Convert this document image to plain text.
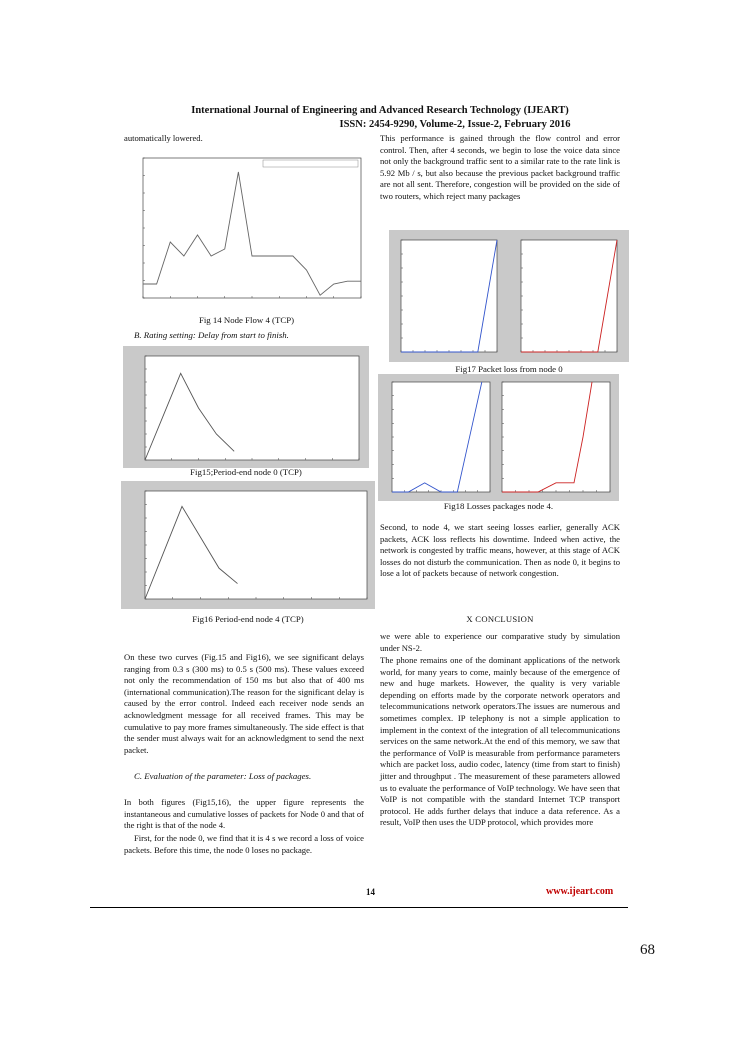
International Journal of Engineering and Advanced Research Technology (IJEART)
ISSN: 2454-9290, Volume-2, Issue-2, February 2016
automatically lowered.
Fig 14 Node Flow 4 (TCP)
B. Rating setting: Delay from start to finish.
Fig15;Period-end node 0 (TCP)
Fig16 Period-end node 4 (TCP)
On these two curves (Fig.15 and Fig16), we see significant delays ranging from 0.3 s (300 ms) to 0.5 s (500 ms). These values exceed not only the recommendation of 150 ms but also that of 400 ms (international communication).The reason for the significant delay is caused by the error control. Indeed each receiver node sends an acknowledgment message for all received frames. This may be cumulative to pay more frames simultaneously. The side effect is that the sender must always wait for an acknowledgment to send the next packet.
C. Evaluation of the parameter: Loss of packages.
In both figures (Fig15,16), the upper figure represents the instantaneous and cumulative losses of packets for Node 0 and that of the right is that of the node 4.
First, for the node 0, we find that it is 4 s we record a loss of voice packets. Before this time, the node 0 loses no package.
This performance is gained through the flow control and error control. Then, after 4 seconds, we begin to lose the voice data since not only the background traffic sent to a similar rate to the rate link is 5.92 Mb / s, but also because the previous packet background traffic are not all sent. Therefore, congestion will be provided on the side of two routers, which reject many packages
Fig17 Packet loss from node 0
Fig18 Losses packages node 4.
Second, to node 4, we start seeing losses earlier, generally ACK packets, ACK loss reflects his downtime. Indeed when active, the network is congested by traffic means, however, at this stage of ACK losses do not disturb the communication. Then as node 0, it begins to lose a lot of packets because of network congestion.
X CONCLUSION
we were able to experience our comparative study by simulation under NS-2.
The phone remains one of the dominant applications of the network world, for many years to come, mainly because of the emergence of new and huge markets. However, the quality is very variable depending on efforts made by the corporate network operators and telecommunications network operators.The issues are numerous and sometimes complex. IP telephony is not a simple application to implement in the context of the integration of all telecommunications services on the same network.At the end of this memory, we saw that the performance of VoIP is measurable from performance parameters which are packet loss, audio codec, latency (time from start to finish) jitter and throughput . The measurement of these parameters allowed us to evaluate the performance of VoIP technology. We have seen that VoIP is not compatible with the standard Internet TCP transport protocol. He adds further delays that induce a data reference. As a result, VoIP then uses the UDP protocol, which provides more
14	www.ijeart.com
68
